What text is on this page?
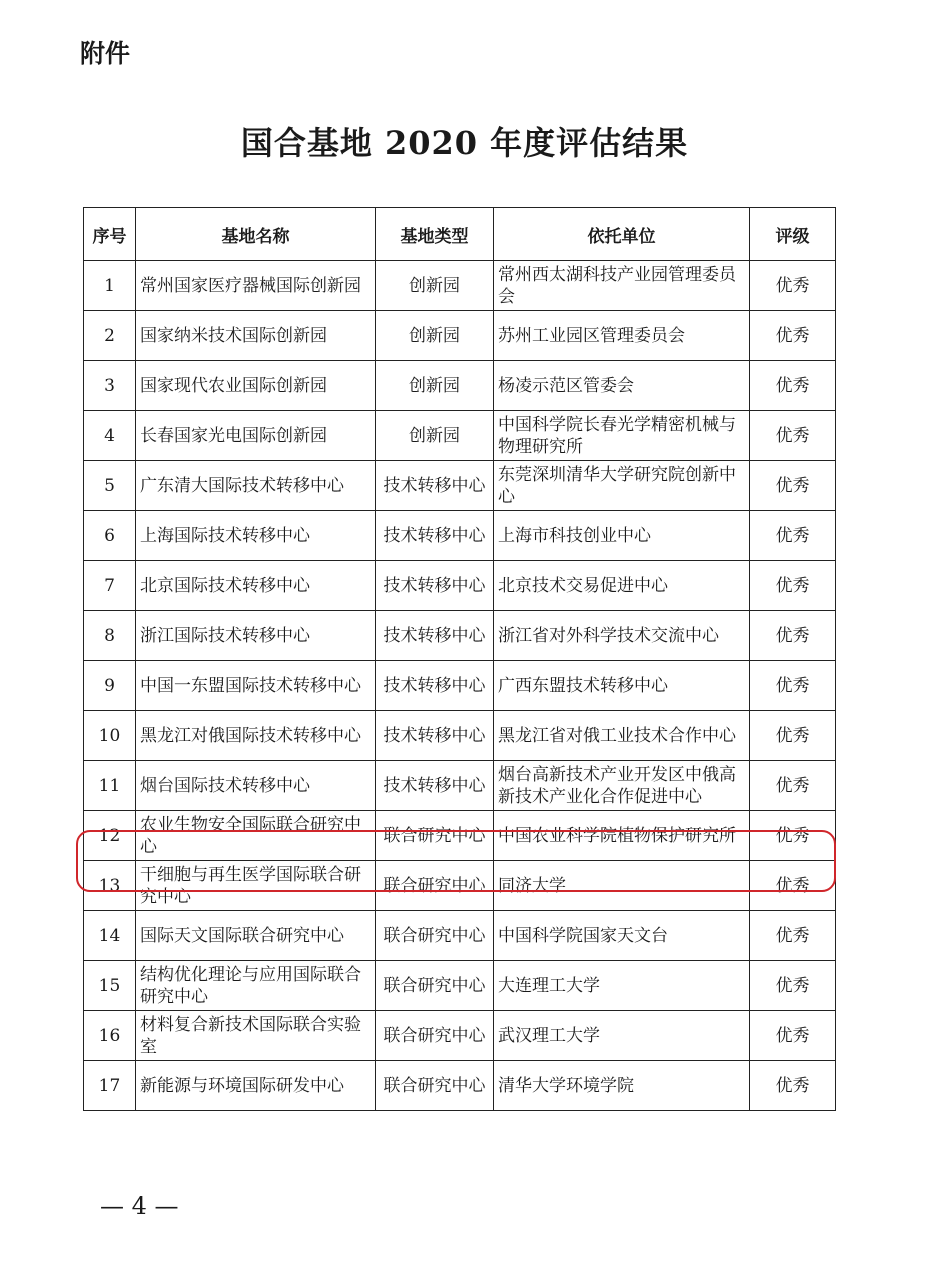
附件
国合基地 2020 年度评估结果
序号	基地名称	基地类型	依托单位	评级
1	常州国家医疗器械国际创新园	创新园	常州西太湖科技产业园管理委员会	优秀
2	国家纳米技术国际创新园	创新园	苏州工业园区管理委员会	优秀
3	国家现代农业国际创新园	创新园	杨凌示范区管委会	优秀
4	长春国家光电国际创新园	创新园	中国科学院长春光学精密机械与物理研究所	优秀
5	广东清大国际技术转移中心	技术转移中心	东莞深圳清华大学研究院创新中心	优秀
6	上海国际技术转移中心	技术转移中心	上海市科技创业中心	优秀
7	北京国际技术转移中心	技术转移中心	北京技术交易促进中心	优秀
8	浙江国际技术转移中心	技术转移中心	浙江省对外科学技术交流中心	优秀
9	中国一东盟国际技术转移中心	技术转移中心	广西东盟技术转移中心	优秀
10	黑龙江对俄国际技术转移中心	技术转移中心	黑龙江省对俄工业技术合作中心	优秀
11	烟台国际技术转移中心	技术转移中心	烟台高新技术产业开发区中俄高新技术产业化合作促进中心	优秀
12	农业生物安全国际联合研究中心	联合研究中心	中国农业科学院植物保护研究所	优秀
13	干细胞与再生医学国际联合研究中心	联合研究中心	同济大学	优秀
14	国际天文国际联合研究中心	联合研究中心	中国科学院国家天文台	优秀
15	结构优化理论与应用国际联合研究中心	联合研究中心	大连理工大学	优秀
16	材料复合新技术国际联合实验室	联合研究中心	武汉理工大学	优秀
17	新能源与环境国际研发中心	联合研究中心	清华大学环境学院	优秀
— 4 —
